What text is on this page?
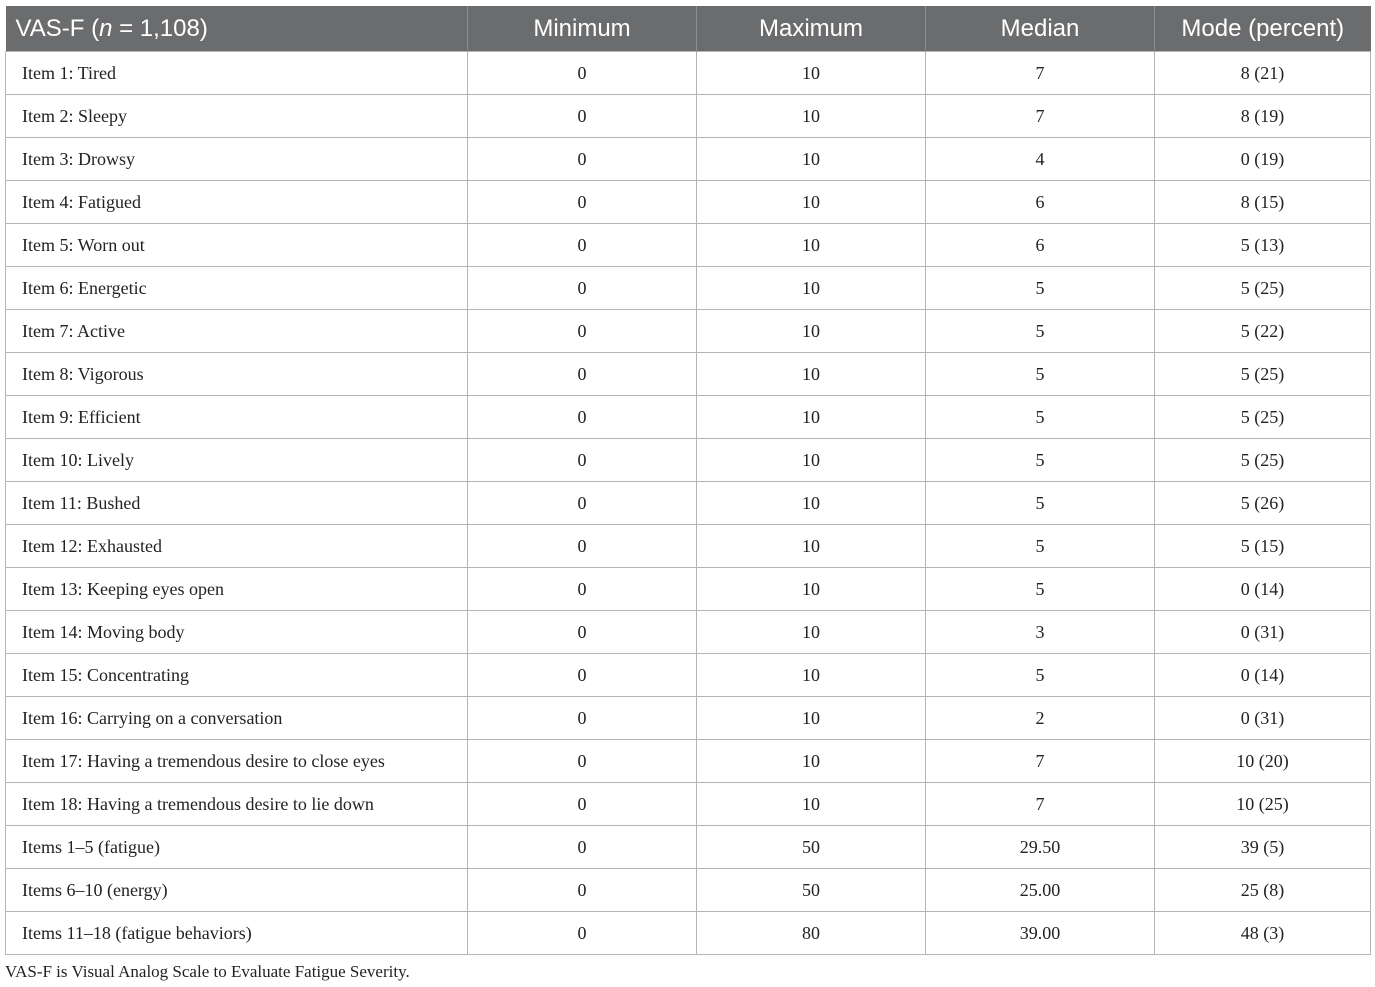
VAS-F (n = 1,108)	Minimum	Maximum	Median	Mode (percent)
Item 1: Tired	0	10	7	8 (21)
Item 2: Sleepy	0	10	7	8 (19)
Item 3: Drowsy	0	10	4	0 (19)
Item 4: Fatigued	0	10	6	8 (15)
Item 5: Worn out	0	10	6	5 (13)
Item 6: Energetic	0	10	5	5 (25)
Item 7: Active	0	10	5	5 (22)
Item 8: Vigorous	0	10	5	5 (25)
Item 9: Efficient	0	10	5	5 (25)
Item 10: Lively	0	10	5	5 (25)
Item 11: Bushed	0	10	5	5 (26)
Item 12: Exhausted	0	10	5	5 (15)
Item 13: Keeping eyes open	0	10	5	0 (14)
Item 14: Moving body	0	10	3	0 (31)
Item 15: Concentrating	0	10	5	0 (14)
Item 16: Carrying on a conversation	0	10	2	0 (31)
Item 17: Having a tremendous desire to close eyes	0	10	7	10 (20)
Item 18: Having a tremendous desire to lie down	0	10	7	10 (25)
Items 1–5 (fatigue)	0	50	29.50	39 (5)
Items 6–10 (energy)	0	50	25.00	25 (8)
Items 11–18 (fatigue behaviors)	0	80	39.00	48 (3)
VAS-F is Visual Analog Scale to Evaluate Fatigue Severity.
